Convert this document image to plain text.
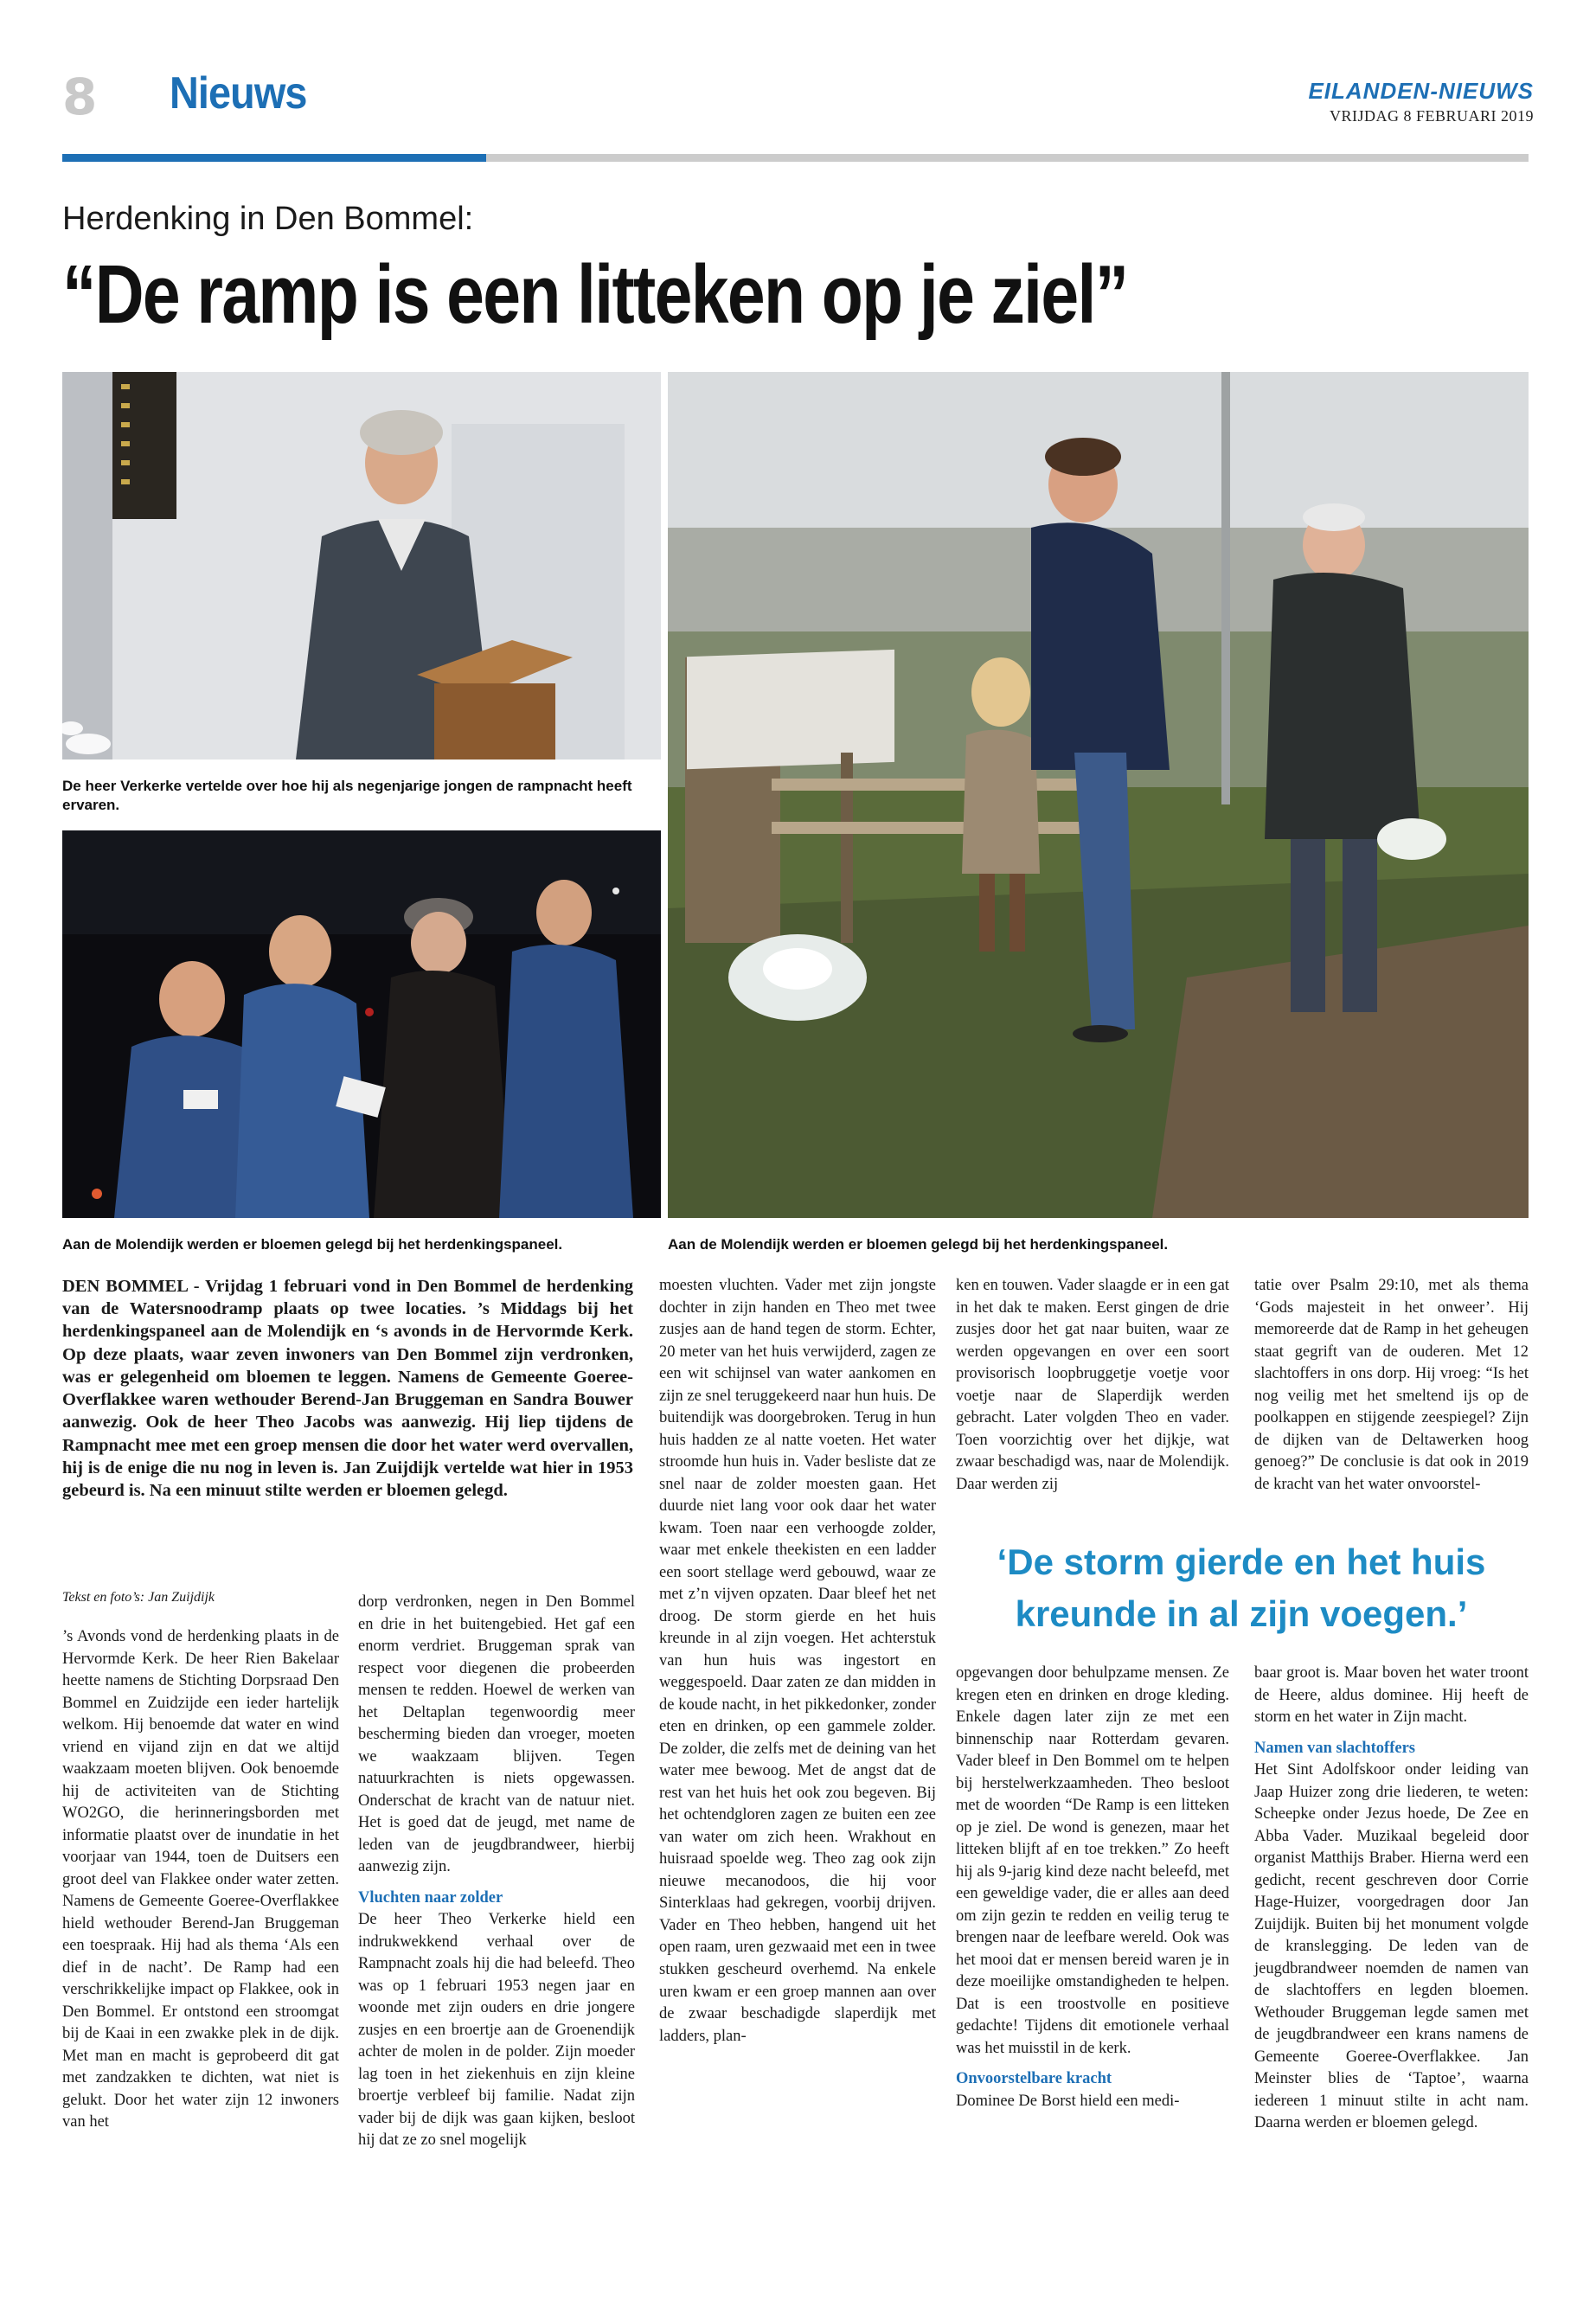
8 Nieuws	EILANDEN-NIEUWS
VRIJDAG 8 FEBRUARI 2019
Herdenking in Den Bommel:
“De ramp is een litteken op je ziel”
De heer Verkerke vertelde over hoe hij als negenjarige jongen de rampnacht heeft ervaren.
Aan de Molendijk werden er bloemen gelegd bij het herdenkingspaneel.	Aan de Molendijk werden er bloemen gelegd bij het herdenkingspaneel.
DEN BOMMEL - Vrijdag 1 februari vond in Den Bommel de herdenking van de Watersnoodramp plaats op twee locaties. ’s Middags bij het herdenkingspaneel aan de Molendijk en ‘s avonds in de Hervormde Kerk. Op deze plaats, waar zeven inwoners van Den Bommel zijn verdronken, was er gelegenheid om bloemen te leggen. Namens de Gemeente Goeree-Overflakkee waren wethouder Berend-Jan Bruggeman en Sandra Bouwer aanwezig. Ook de heer Theo Jacobs was aanwezig. Hij liep tijdens de Rampnacht mee met een groep mensen die door het water werd overvallen, hij is de enige die nu nog in leven is. Jan Zuijdijk vertelde wat hier in 1953 gebeurd is. Na een minuut stilte werden er bloemen gelegd.
Tekst en foto’s: Jan Zuijdijk

’s Avonds vond de herdenking plaats in de Hervormde Kerk. De heer Rien Bakelaar heette namens de Stichting Dorpsraad Den Bommel en Zuidzijde een ieder hartelijk welkom. Hij benoemde dat water en wind vriend en vijand zijn en dat we altijd waakzaam moeten blijven. Ook benoemde hij de activiteiten van de Stichting WO2GO, die herinneringsborden met informatie plaatst over de inundatie in het voorjaar van 1944, toen de Duitsers een groot deel van Flakkee onder water zetten. Namens de Gemeente Goeree-Overflakkee hield wethouder Berend-Jan Bruggeman een toespraak. Hij had als thema ‘Als een dief in de nacht’. De Ramp had een verschrikkelijke impact op Flakkee, ook in Den Bommel. Er ontstond een stroomgat bij de Kaai in een zwakke plek in de dijk. Met man en macht is geprobeerd dit gat met zandzakken te dichten, wat niet is gelukt. Door het water zijn 12 inwoners van het

dorp verdronken, negen in Den Bommel en drie in het buitengebied. Het gaf een enorm verdriet. Bruggeman sprak van respect voor diegenen die probeerden mensen te redden. Hoewel de werken van het Deltaplan tegenwoordig meer bescherming bieden dan vroeger, moeten we waakzaam blijven. Tegen natuurkrachten is niets opgewassen. Onderschat de kracht van de natuur niet. Het is goed dat de jeugd, met name de leden van de jeugdbrandweer, hierbij aanwezig zijn.

Vluchten naar zolder

De heer Theo Verkerke hield een indrukwekkend verhaal over de Rampnacht zoals hij die had beleefd. Theo was op 1 februari 1953 negen jaar en woonde met zijn ouders en drie jongere zusjes en een broertje aan de Groenendijk achter de molen in de polder. Zijn moeder lag toen in het ziekenhuis en zijn kleine broertje verbleef bij familie. Nadat zijn vader bij de dijk was gaan kijken, besloot hij dat ze zo snel mogelijk

moesten vluchten. Vader met zijn jongste dochter in zijn handen en Theo met twee zusjes aan de hand tegen de storm. Echter, 20 meter van het huis verwijderd, zagen ze een wit schijnsel van water aankomen en zijn ze snel teruggekeerd naar hun huis. De buitendijk was doorgebroken. Terug in hun huis hadden ze al natte voeten. Het water stroomde hun huis in. Vader besliste dat ze snel naar de zolder moesten gaan. Het duurde niet lang voor ook daar het water kwam. Toen naar een verhoogde zolder, waar met enkele theekisten en een ladder een soort stellage werd gebouwd, waar ze met z’n vijven opzaten. Daar bleef het net droog. De storm gierde en het huis kreunde in al zijn voegen. Het achterstuk van hun huis was ingestort en weggespoeld. Daar zaten ze dan midden in de koude nacht, in het pikkedonker, zonder eten en drinken, op een gammele zolder. De zolder, die zelfs met de deining van het water mee bewoog. Met de angst dat de rest van het huis het ook zou begeven. Bij het ochtendgloren zagen ze buiten een zee van water om zich heen. Wrakhout en huisraad spoelde weg. Theo zag ook zijn nieuwe mecanodoos, die hij voor Sinterklaas had gekregen, voorbij drijven. Vader en Theo hebben, hangend uit het open raam, uren gezwaaid met een in twee stukken gescheurd overhemd. Na enkele uren kwam er een groep mannen aan over de zwaar beschadigde slaperdijk met ladders, plan-

ken en touwen. Vader slaagde er in een gat in het dak te maken. Eerst gingen de drie zusjes door het gat naar buiten, waar ze werden opgevangen en over een soort provisorisch loopbruggetje voetje voor voetje naar de Slaperdijk werden gebracht. Later volgden Theo en vader. Toen voorzichtig over het dijkje, wat zwaar beschadigd was, naar de Molendijk. Daar werden zij

tatie over Psalm 29:10, met als thema ‘Gods majesteit in het onweer’. Hij memoreerde dat de Ramp in het geheugen staat gegrift van de ouderen. Met 12 slachtoffers in ons dorp. Hij vroeg: “Is het nog veilig met het smeltend ijs op de poolkappen en stijgende zeespiegel? Zijn de dijken van de Deltawerken hoog genoeg?” De conclusie is dat ook in 2019 de kracht van het water onvoorstel-

‘De storm gierde en het huis kreunde in al zijn voegen.’

opgevangen door behulpzame mensen. Ze kregen eten en drinken en droge kleding. Enkele dagen later zijn ze met een binnenschip naar Rotterdam gevaren. Vader bleef in Den Bommel om te helpen bij herstelwerkzaamheden. Theo besloot met de woorden “De Ramp is een litteken op je ziel. De wond is genezen, maar het litteken blijft af en toe trekken.” Zo heeft hij als 9-jarig kind deze nacht beleefd, met een geweldige vader, die er alles aan deed om zijn gezin te redden en veilig terug te brengen naar de leefbare wereld. Ook was het mooi dat er mensen bereid waren je in deze moeilijke omstandigheden te helpen. Dat is een troostvolle en positieve gedachte! Tijdens dit emotionele verhaal was het muisstil in de kerk.

Onvoorstelbare kracht

Dominee De Borst hield een medi-

baar groot is. Maar boven het water troont de Heere, aldus dominee. Hij heeft de storm en het water in Zijn macht.

Namen van slachtoffers

Het Sint Adolfskoor onder leiding van Jaap Huizer zong drie liederen, te weten: Scheepke onder Jezus hoede, De Zee en Abba Vader. Muzikaal begeleid door organist Matthijs Braber. Hierna werd een gedicht, recent geschreven door Corrie Hage-Huizer, voorgedragen door Jan Zuijdijk. Buiten bij het monument volgde de kranslegging. De leden van de jeugdbrandweer noemden de namen van de slachtoffers en legden bloemen. Wethouder Bruggeman legde samen met de jeugdbrandweer een krans namens de Gemeente Goeree-Overflakkee. Jan Meinster blies de ‘Taptoe’, waarna iedereen 1 minuut stilte in acht nam. Daarna werden er bloemen gelegd.
